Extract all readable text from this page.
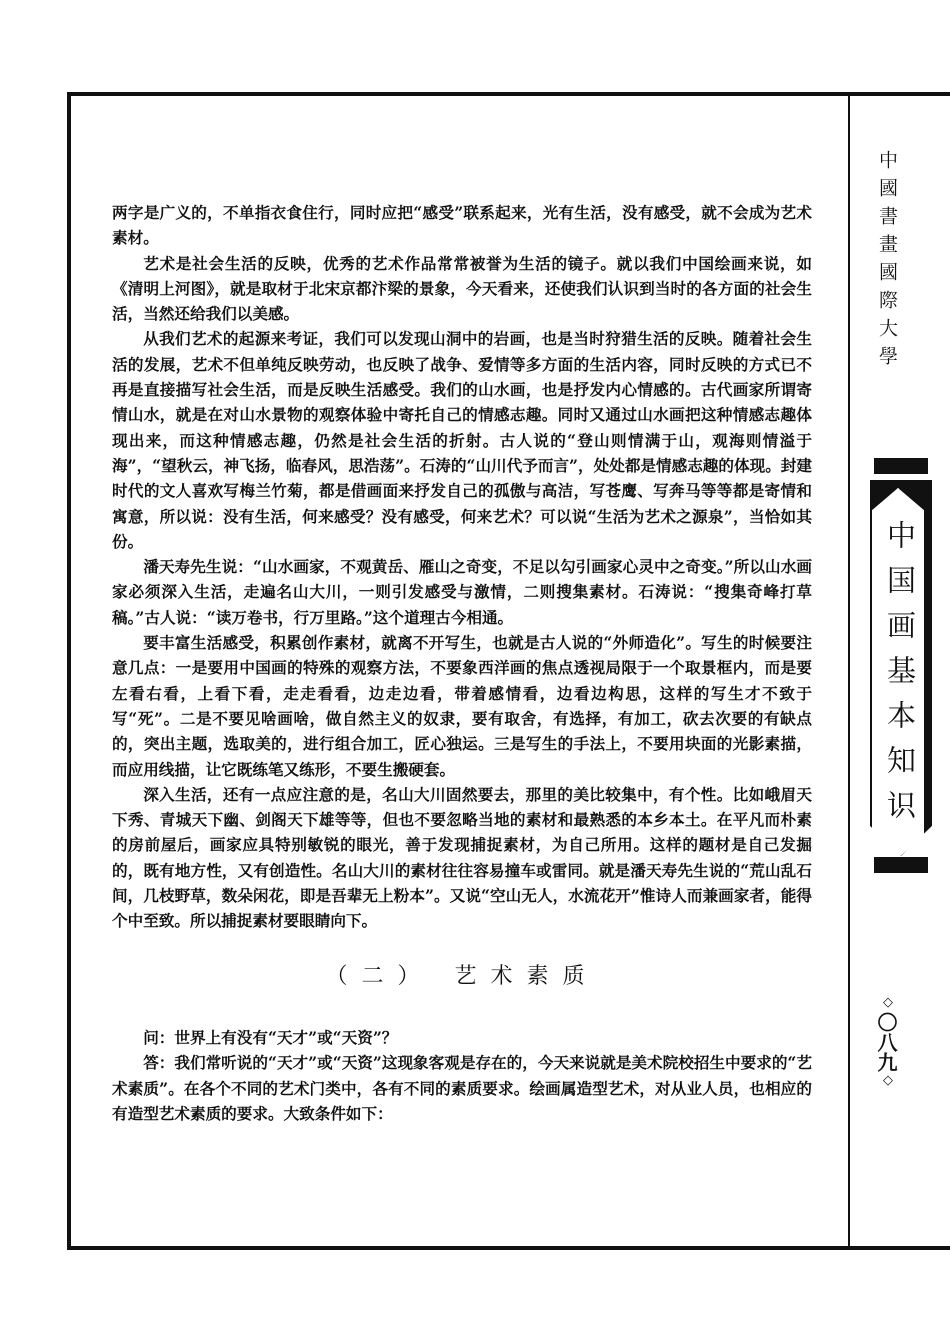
两字是广义的，不单指衣食住行，同时应把“感受”联系起来，光有生活，没有感受，就不会成为艺术素材。

艺术是社会生活的反映，优秀的艺术作品常常被誉为生活的镜子。就以我们中国绘画来说，如《清明上河图》，就是取材于北宋京都汴梁的景象，今天看来，还使我们认识到当时的各方面的社会生活，当然还给我们以美感。

从我们艺术的起源来考证，我们可以发现山洞中的岩画，也是当时狩猎生活的反映。随着社会生活的发展，艺术不但单纯反映劳动，也反映了战争、爱情等多方面的生活内容，同时反映的方式已不再是直接描写社会生活，而是反映生活感受。我们的山水画，也是抒发内心情感的。古代画家所谓寄情山水，就是在对山水景物的观察体验中寄托自己的情感志趣。同时又通过山水画把这种情感志趣体现出来，而这种情感志趣，仍然是社会生活的折射。古人说的“登山则情满于山，观海则情溢于海”，“望秋云，神飞扬，临春风，思浩荡”。石涛的“山川代予而言”，处处都是情感志趣的体现。封建时代的文人喜欢写梅兰竹菊，都是借画面来抒发自己的孤傲与高洁，写苍鹰、写奔马等等都是寄情和寓意，所以说：没有生活，何来感受？没有感受，何来艺术？可以说“生活为艺术之源泉”，当恰如其份。

潘天寿先生说：“山水画家，不观黄岳、雁山之奇变，不足以勾引画家心灵中之奇变。”所以山水画家必须深入生活，走遍名山大川，一则引发感受与激情，二则搜集素材。石涛说：“搜集奇峰打草稿。”古人说：“读万卷书，行万里路。”这个道理古今相通。

要丰富生活感受，积累创作素材，就离不开写生，也就是古人说的“外师造化”。写生的时候要注意几点：一是要用中国画的特殊的观察方法，不要象西洋画的焦点透视局限于一个取景框内，而是要左看右看，上看下看，走走看看，边走边看，带着感情看，边看边构思，这样的写生才不致于写“死”。二是不要见啥画啥，做自然主义的奴隶，要有取舍，有选择，有加工，砍去次要的有缺点的，突出主题，选取美的，进行组合加工，匠心独运。三是写生的手法上，不要用块面的光影素描，而应用线描，让它既练笔又练形，不要生搬硬套。

深入生活，还有一点应注意的是，名山大川固然要去，那里的美比较集中，有个性。比如峨眉天下秀、青城天下幽、剑阁天下雄等等，但也不要忽略当地的素材和最熟悉的本乡本土。在平凡而朴素的房前屋后，画家应具特别敏锐的眼光，善于发现捕捉素材，为自己所用。这样的题材是自己发掘的，既有地方性，又有创造性。名山大川的素材往往容易撞车或雷同。就是潘天寿先生说的“荒山乱石间，几枝野草，数朵闲花，即是吾辈无上粉本”。又说“空山无人，水流花开”惟诗人而兼画家者，能得个中至致。所以捕捉素材要眼睛向下。

（二） 艺术素质

问：世界上有没有“天才”或“天资”？

答：我们常听说的“天才”或“天资”这现象客观是存在的，今天来说就是美术院校招生中要求的“艺术素质”。在各个不同的艺术门类中，各有不同的素质要求。绘画属造型艺术，对从业人员，也相应的有造型艺术素质的要求。大致条件如下：

中國書畫國際大學
中国画基本知识
◇
〇八九
◇
